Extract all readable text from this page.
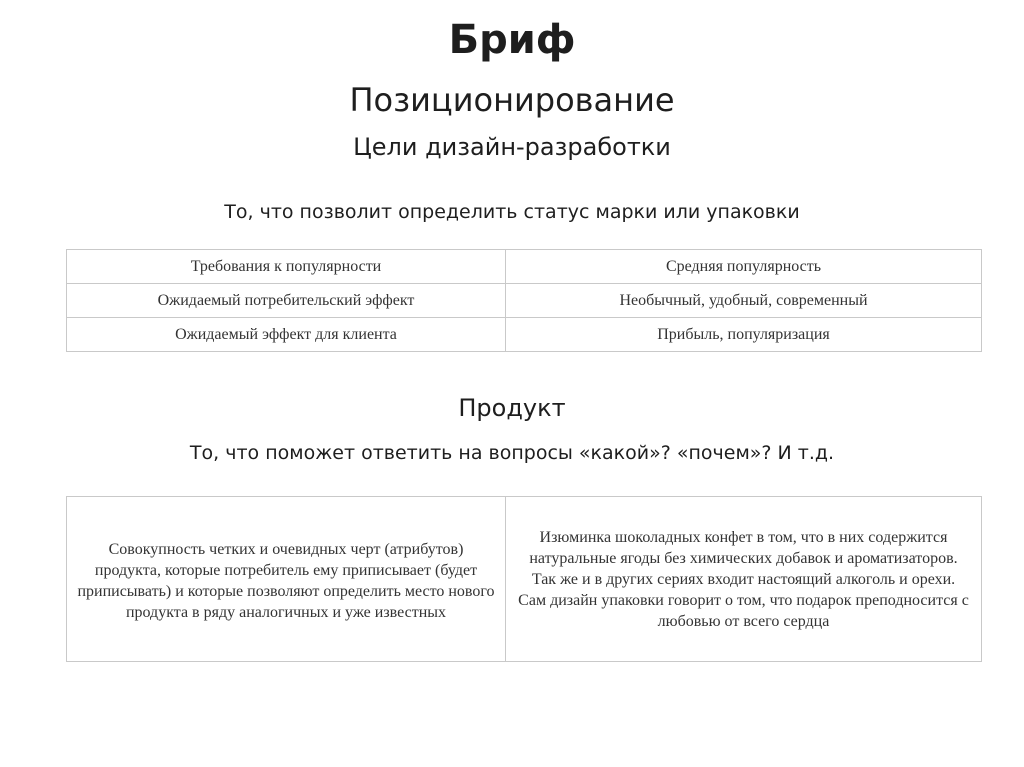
Бриф
Позиционирование
Цели дизайн-разработки
То, что позволит определить статус марки или упаковки
Требования к популярности	Средняя популярность
Ожидаемый потребительский эффект	Необычный, удобный, современный
Ожидаемый эффект для клиента	Прибыль, популяризация
Продукт
То, что поможет ответить на вопросы «какой»? «почем»? И т.д.
Совокупность четких и очевидных черт (атрибутов) продукта, которые потребитель ему приписывает (будет приписывать) и которые позволяют определить место нового продукта в ряду аналогичных и уже известных	Изюминка шоколадных конфет в том, что в них содержится натуральные ягоды без химических добавок и ароматизаторов. Так же и в других сериях входит настоящий алкоголь и орехи. Сам дизайн упаковки говорит о том, что подарок преподносится с любовью от всего сердца
